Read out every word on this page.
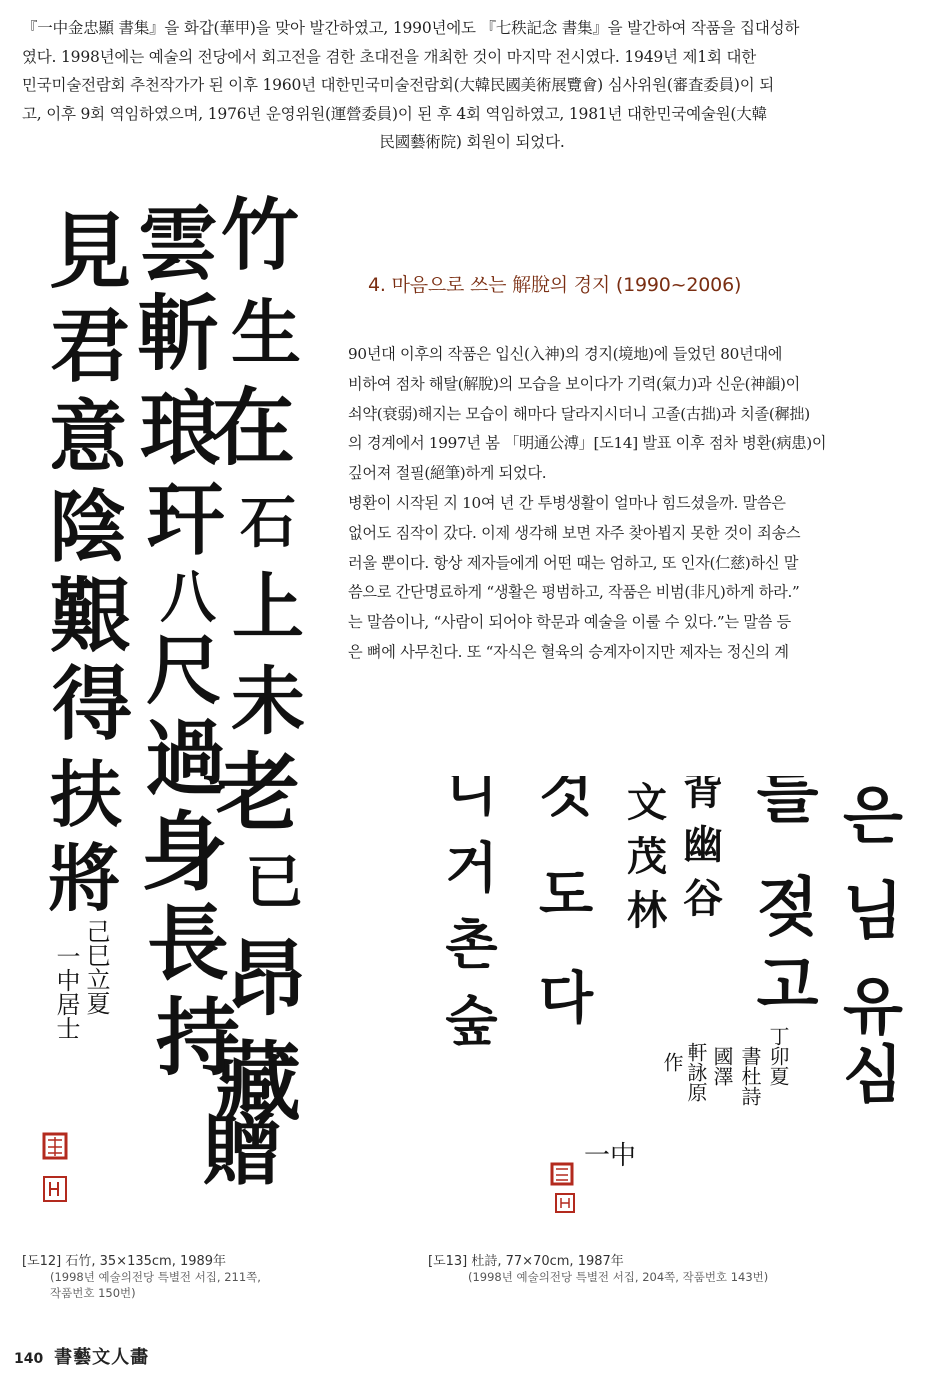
『一中金忠顯 書集』을 화갑(華甲)을 맞아 발간하였고, 1990년에도 『七秩記念 書集』을 발간하여 작품을 집대성하
였다. 1998년에는 예술의 전당에서 회고전을 겸한 초대전을 개최한 것이 마지막 전시였다. 1949년 제1회 대한
민국미술전람회 추천작가가 된 이후 1960년 대한민국미술전람회(大韓民國美術展覽會) 심사위원(審査委員)이 되
고, 이후 9회 역임하였으며, 1976년 운영위원(運營委員)이 된 후 4회 역임하였고, 1981년 대한민국예술원(大韓
民國藝術院) 회원이 되었다.
竹
生
在
石
上
未
老
已
昂
藏
雲
斬
琅
玕
八
尺
過
身
長
持
贈
見
君
意
陰
艱
得
扶
將
己巳立夏
一中居士
4. 마음으로 쓰는 解脫의 경지 (1990~2006)
90년대 이후의 작품은 입신(入神)의 경지(境地)에 들었던 80년대에
비하여 점차 해탈(解脫)의 모습을 보이다가 기력(氣力)과 신운(神韻)이
쇠약(衰弱)해지는 모습이 해마다 달라지시더니 고졸(古拙)과 치졸(穉拙)
의 경계에서 1997년 봄 「明通公溥」[도14] 발표 이후 점차 병환(病患)이
깊어져 절필(絕筆)하게 되었다.
병환이 시작된 지 10여 년 간 투병생활이 얼마나 힘드셨을까. 말씀은
없어도 짐작이 갔다. 이제 생각해 보면 자주 찾아뵙지 못한 것이 죄송스
러울 뿐이다. 항상 제자들에게 어떤 때는 엄하고, 또 인자(仁慈)하신 말
씀으로 간단명료하게 “생활은 평범하고, 작품은 비범(非凡)하게 하라.”
는 말씀이나, “사람이 되어야 학문과 예술을 이룰 수 있다.”는 말씀 등
은 뼈에 사무친다. 또 “자식은 혈육의 승계자이지만 제자는 정신의 계 험함이 높은 님 유심
흔 고를 젖고
檻峰背幽谷
窗燈文茂林
리 섯 것 도 다
창 이 부 니 거 촌 숲
丁卯夏
書杜詩
國澤
軒詠原
作
一中
[도12] 石竹, 35×135cm, 1989年
(1998년 예술의전당 특별전 서집, 211쪽,
작품번호 150번)
[도13] 杜詩, 77×70cm, 1987年
(1998년 예술의전당 특별전 서집, 204쪽, 작품번호 143번)
140 書藝文人畵
